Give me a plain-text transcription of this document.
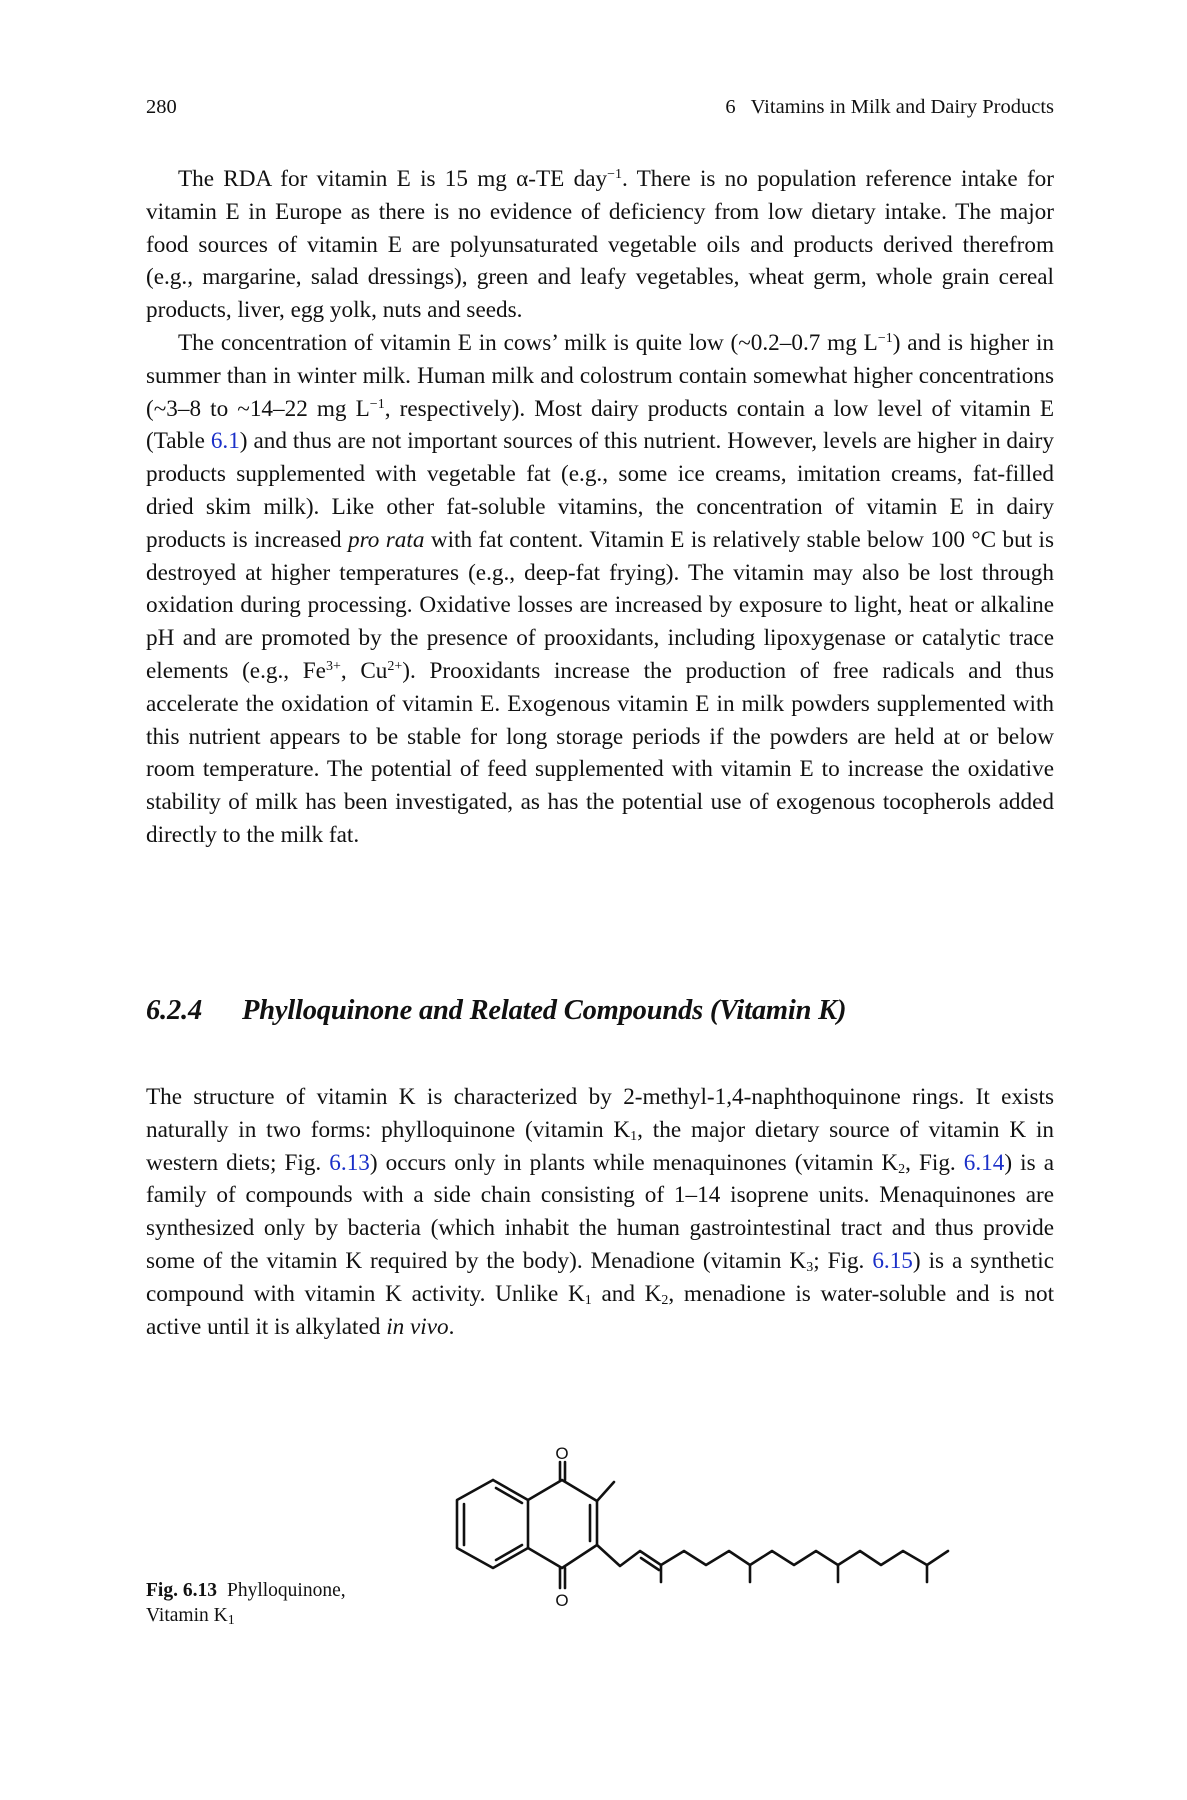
280	6   Vitamins in Milk and Dairy Products

The RDA for vitamin E is 15 mg α-TE day$^{-1}$. There is no population reference intake for vitamin E in Europe as there is no evidence of deficiency from low dietary intake. The major food sources of vitamin E are polyunsaturated vegetable oils and products derived therefrom (e.g., margarine, salad dressings), green and leafy vegetables, wheat germ, whole grain cereal products, liver, egg yolk, nuts and seeds.

The concentration of vitamin E in cows’ milk is quite low (~0.2–0.7 mg $L^{-1}$) and is higher in summer than in winter milk. Human milk and colostrum contain somewhat higher concentrations (~3–8 to ~14–22 mg $L^{-1}$, respectively). Most dairy products contain a low level of vitamin E (Table 6.1) and thus are not important sources of this nutrient. However, levels are higher in dairy products supplemented with vegetable fat (e.g., some ice creams, imitation creams, fat-filled dried skim milk). Like other fat-soluble vitamins, the concentration of vitamin E in dairy products is increased pro rata with fat content. Vitamin E is relatively stable below 100 °C but is destroyed at higher temperatures (e.g., deep-fat frying). The vitamin may also be lost through oxidation during processing. Oxidative losses are increased by exposure to light, heat or alkaline pH and are promoted by the presence of prooxidants, including lipoxygenase or catalytic trace elements (e.g., $Fe^{3+}$, $Cu^{2+}$). Prooxidants increase the production of free radicals and thus accelerate the oxidation of vitamin E. Exogenous vitamin E in milk powders supplemented with this nutrient appears to be stable for long storage periods if the powders are held at or below room temperature. The potential of feed supplemented with vitamin E to increase the oxidative stability of milk has been investigated, as has the potential use of exogenous tocopherols added directly to the milk fat.

6.2.4 Phylloquinone and Related Compounds (Vitamin K)

The structure of vitamin K is characterized by 2-methyl-1,4-naphthoquinone rings. It exists naturally in two forms: phylloquinone (vitamin $K_1$, the major dietary source of vitamin K in western diets; Fig. 6.13) occurs only in plants while menaquinones (vitamin $K_2$, Fig. 6.14) is a family of compounds with a side chain consisting of 1–14 isoprene units. Menaquinones are synthesized only by bacteria (which inhabit the human gastrointestinal tract and thus provide some of the vitamin K required by the body). Menadione (vitamin $K_3$; Fig. 6.15) is a synthetic compound with vitamin K activity. Unlike $K_1$ and $K_2$, menadione is water-soluble and is not active until it is alkylated in vivo.

Fig. 6.13 Phylloquinone,
Vitamin $K_1$
O
O
